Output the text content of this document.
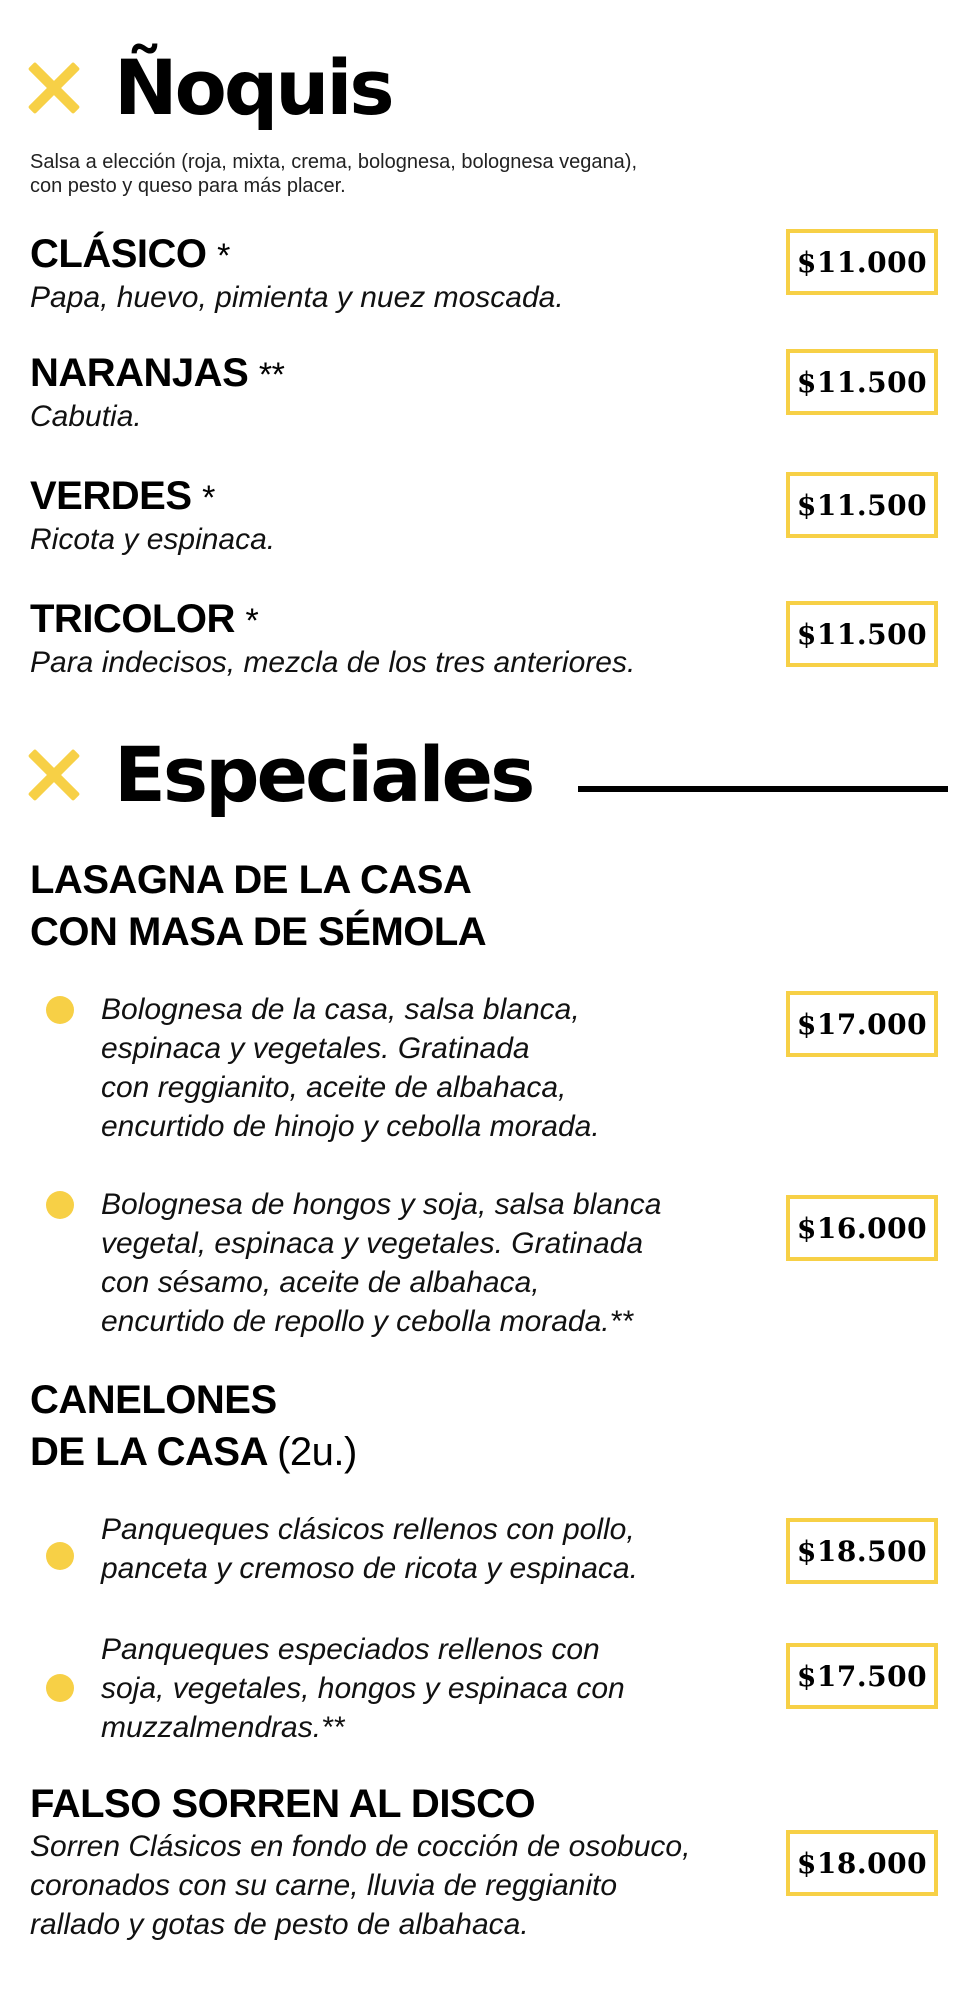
Ñoquis
Salsa a elección (roja, mixta, crema, bolognesa, bolognesa vegana),
con pesto y queso para más placer.
CLÁSICO *
Papa, huevo, pimienta y nuez moscada.
$11.000
NARANJAS **
Cabutia.
$11.500
VERDES *
Ricota y espinaca.
$11.500
TRICOLOR *
Para indecisos, mezcla de los tres anteriores.
$11.500
Especiales
LASAGNA DE LA CASA
CON MASA DE SÉMOLA
Bolognesa de la casa, salsa blanca,
espinaca y vegetales. Gratinada
con reggianito, aceite de albahaca,
encurtido de hinojo y cebolla morada.
$17.000
Bolognesa de hongos y soja, salsa blanca
vegetal, espinaca y vegetales. Gratinada
con sésamo, aceite de albahaca,
encurtido de repollo y cebolla morada.**
$16.000
CANELONES
DE LA CASA (2u.)
Panqueques clásicos rellenos con pollo,
panceta y cremoso de ricota y espinaca.
$18.500
Panqueques especiados rellenos con
soja, vegetales, hongos y espinaca con
muzzalmendras.**
$17.500
FALSO SORREN AL DISCO
Sorren Clásicos en fondo de cocción de osobuco,
coronados con su carne, lluvia de reggianito
rallado y gotas de pesto de albahaca.
$18.000
